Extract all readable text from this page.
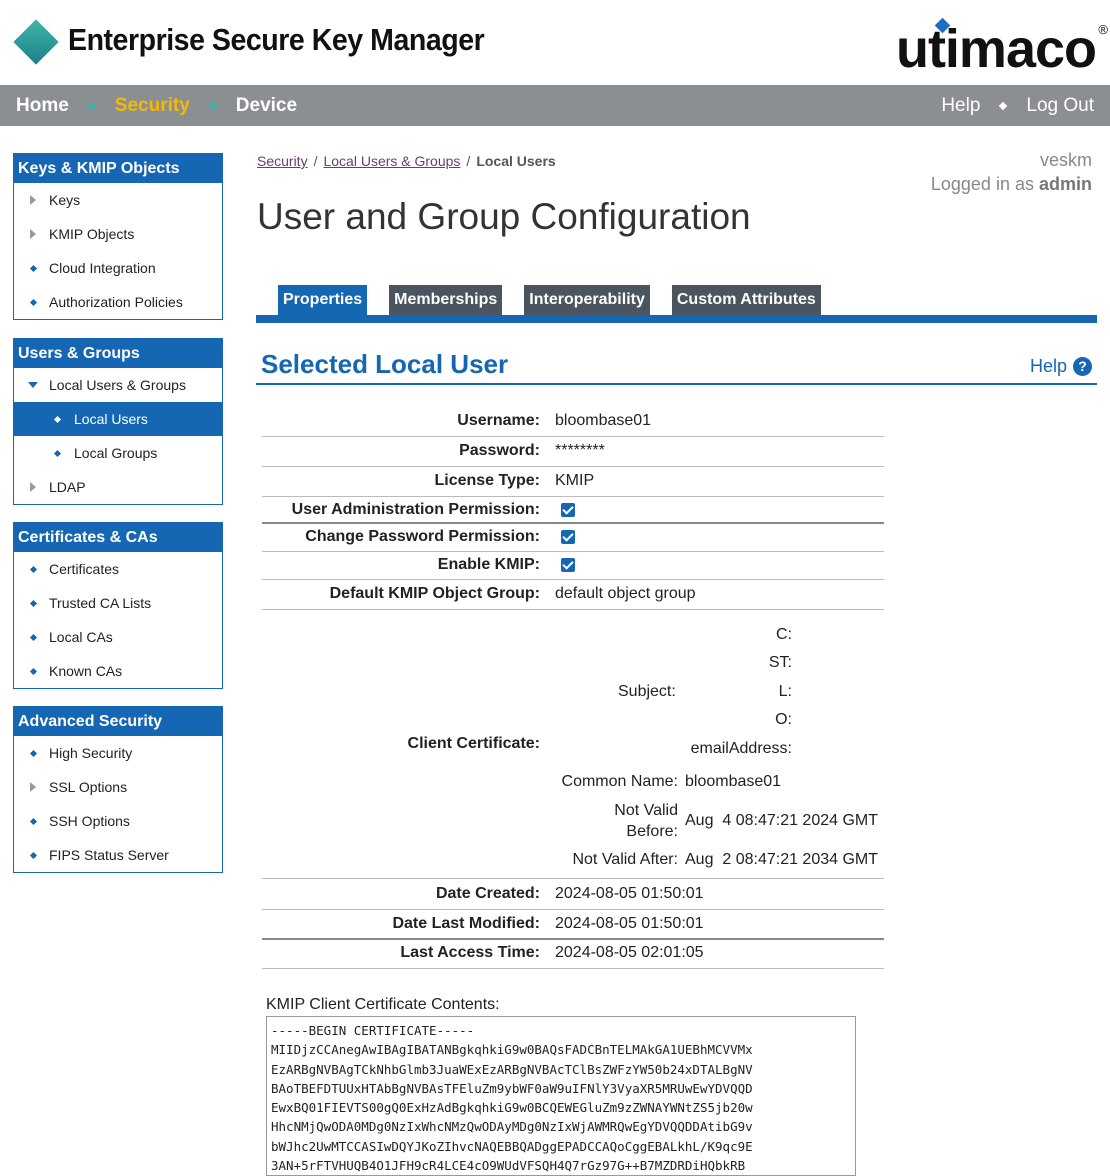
Enterprise Secure Key Manager	utimaco ®
Home Security Device	Help Log Out
Keys & KMIP Objects
Keys
KMIP Objects
Cloud Integration
Authorization Policies
Users & Groups
Local Users & Groups
Local Users
Local Groups
LDAP
Certificates & CAs
Certificates
Trusted CA Lists
Local CAs
Known CAs
Advanced Security
High Security
SSL Options
SSH Options
FIPS Status Server
Security / Local Users & Groups / Local Users	veskm
Logged in as admin
User and Group Configuration
Properties	Memberships	Interoperability	Custom Attributes
Selected Local User	Help ?
Username: bloombase01
Password: ********
License Type: KMIP
User Administration Permission:
Change Password Permission:
Enable KMIP:
Default KMIP Object Group: default object group
Client Certificate:
Subject:
C:
ST:
L:
O:
emailAddress:
Common Name: bloombase01
Not Valid
Before:
Aug  4 08:47:21 2024 GMT
Not Valid After: Aug  2 08:47:21 2034 GMT
Date Created: 2024-08-05 01:50:01
Date Last Modified: 2024-08-05 01:50:01
Last Access Time: 2024-08-05 02:01:05
KMIP Client Certificate Contents:
-----BEGIN CERTIFICATE-----
MIIDjzCCAnegAwIBAgIBATANBgkqhkiG9w0BAQsFADCBnTELMAkGA1UEBhMCVVMx
EzARBgNVBAgTCkNhbGlmb3JuaWExEzARBgNVBAcTClBsZWFzYW50b24xDTALBgNV
BAoTBEFDTUUxHTAbBgNVBAsTFEluZm9ybWF0aW9uIFNlY3VyaXR5MRUwEwYDVQQD
EwxBQ01FIEVTS00gQ0ExHzAdBgkqhkiG9w0BCQEWEGluZm9zZWNAYWNtZS5jb20w
HhcNMjQwODA0MDg0NzIxWhcNMzQwODAyMDg0NzIxWjAWMRQwEgYDVQQDDAtibG9v
bWJhc2UwMTCCASIwDQYJKoZIhvcNAQEBBQADggEPADCCAQoCggEBALkhL/K9qc9E
3AN+5rFTVHUQB4O1JFH9cR4LCE4cO9WUdVFSQH4Q7rGz97G++B7MZDRDiHQbkRB
